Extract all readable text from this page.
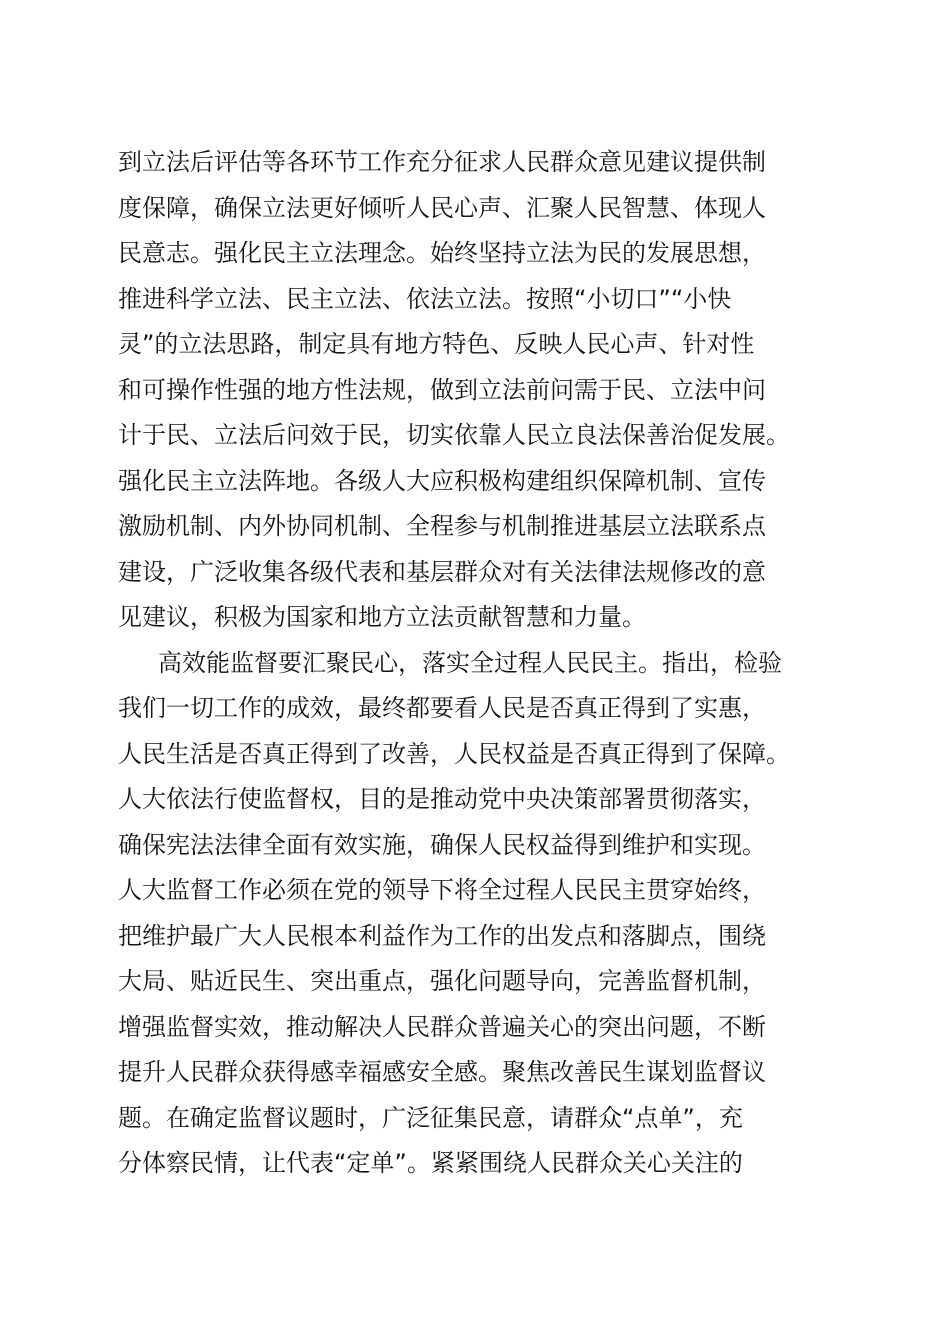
到立法后评估等各环节工作充分征求人民群众意见建议提供制
度保障，确保立法更好倾听人民心声、汇聚人民智慧、体现人
民意志。强化民主立法理念。始终坚持立法为民的发展思想，
推进科学立法、民主立法、依法立法。按照“小切口”“小快
灵”的立法思路，制定具有地方特色、反映人民心声、针对性
和可操作性强的地方性法规，做到立法前问需于民、立法中问
计于民、立法后问效于民，切实依靠人民立良法保善治促发展。
强化民主立法阵地。各级人大应积极构建组织保障机制、宣传
激励机制、内外协同机制、全程参与机制推进基层立法联系点
建设，广泛收集各级代表和基层群众对有关法律法规修改的意
见建议，积极为国家和地方立法贡献智慧和力量。
高效能监督要汇聚民心，落实全过程人民民主。指出，检验
我们一切工作的成效，最终都要看人民是否真正得到了实惠，
人民生活是否真正得到了改善，人民权益是否真正得到了保障。
人大依法行使监督权，目的是推动党中央决策部署贯彻落实，
确保宪法法律全面有效实施，确保人民权益得到维护和实现。
人大监督工作必须在党的领导下将全过程人民民主贯穿始终，
把维护最广大人民根本利益作为工作的出发点和落脚点，围绕
大局、贴近民生、突出重点，强化问题导向，完善监督机制，
增强监督实效，推动解决人民群众普遍关心的突出问题，不断
提升人民群众获得感幸福感安全感。聚焦改善民生谋划监督议
题。在确定监督议题时，广泛征集民意，请群众“点单”，充
分体察民情，让代表“定单”。紧紧围绕人民群众关心关注的
